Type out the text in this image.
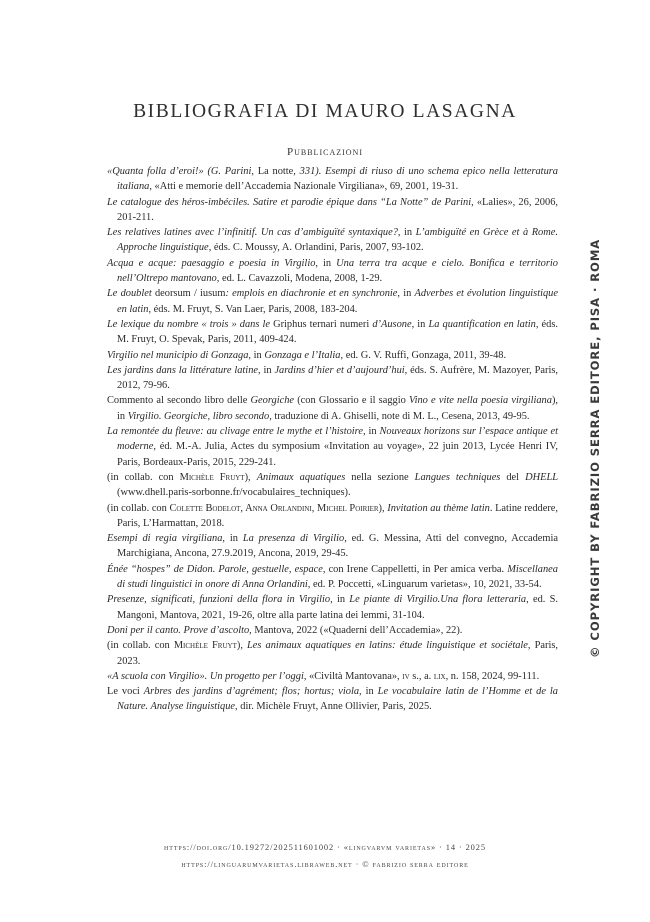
BIBLIOGRAFIA DI MAURO LASAGNA
Pubblicazioni
«Quanta folla d’eroi!» (G. Parini, La notte, 331). Esempi di riuso di uno schema epico nella letteratura italiana, «Atti e memorie dell’Accademia Nazionale Virgiliana», 69, 2001, 19-31.
Le catalogue des héros-imbéciles. Satire et parodie épique dans “La Notte” de Parini, «Lalies», 26, 2006, 201-211.
Les relatives latines avec l’infinitif. Un cas d’ambiguïté syntaxique?, in L’ambiguïté en Grèce et à Rome. Approche linguistique, éds. C. Moussy, A. Orlandini, Paris, 2007, 93-102.
Acqua e acque: paesaggio e poesia in Virgilio, in Una terra tra acque e cielo. Bonifica e territorio nell’Oltrepo mantovano, ed. L. Cavazzoli, Modena, 2008, 1-29.
Le doublet deorsum / iusum: emplois en diachronie et en synchronie, in Adverbes et évolution linguistique en latin, éds. M. Fruyt, S. Van Laer, Paris, 2008, 183-204.
Le lexique du nombre « trois » dans le Griphus ternari numeri d’Ausone, in La quantification en latin, éds. M. Fruyt, O. Spevak, Paris, 2011, 409-424.
Virgilio nel municipio di Gonzaga, in Gonzaga e l’Italia, ed. G. V. Ruffi, Gonzaga, 2011, 39-48.
Les jardins dans la littérature latine, in Jardins d’hier et d’aujourd’hui, éds. S. Aufrère, M. Mazoyer, Paris, 2012, 79-96.
Commento al secondo libro delle Georgiche (con Glossario e il saggio Vino e vite nella poesia virgiliana), in Virgilio. Georgiche, libro secondo, traduzione di A. Ghiselli, note di M. L., Cesena, 2013, 49-95.
La remontée du fleuve: au clivage entre le mythe et l’histoire, in Nouveaux horizons sur l’espace antique et moderne, éd. M.-A. Julia, Actes du symposium «Invitation au voyage», 22 juin 2013, Lycée Henri IV, Paris, Bordeaux-Paris, 2015, 229-241.
(in collab. con Michèle Fruyt), Animaux aquatiques nella sezione Langues techniques del DHELL (www.dhell.paris-sorbonne.fr/vocabulaires_techniques).
(in collab. con Colette Bodelot, Anna Orlandini, Michel Poirier), Invitation au thème latin. Latine reddere, Paris, L’Harmattan, 2018.
Esempi di regia virgiliana, in La presenza di Virgilio, ed. G. Messina, Atti del convegno, Accademia Marchigiana, Ancona, 27.9.2019, Ancona, 2019, 29-45.
Énée “hospes” de Didon. Parole, gestuelle, espace, con Irene Cappelletti, in Per amica verba. Miscellanea di studi linguistici in onore di Anna Orlandini, ed. P. Poccetti, «Linguarum varietas», 10, 2021, 33-54.
Presenze, significati, funzioni della flora in Virgilio, in Le piante di Virgilio.Una flora letteraria, ed. S. Mangoni, Mantova, 2021, 19-26, oltre alla parte latina dei lemmi, 31-104.
Doni per il canto. Prove d’ascolto, Mantova, 2022 («Quaderni dell’Accademia», 22).
(in collab. con Michèle Fruyt), Les animaux aquatiques en latins: étude linguistique et sociétale, Paris, 2023.
«A scuola con Virgilio». Un progetto per l’oggi, «Civiltà Mantovana», iv s., a. lix, n. 158, 2024, 99-111.
Le voci Arbres des jardins d’agrément; flos; hortus; viola, in Le vocabulaire latin de l’Homme et de la Nature. Analyse linguistique, dir. Michèle Fruyt, Anne Ollivier, Paris, 2025.
© COPYRIGHT BY FABRIZIO SERRA EDITORE, PISA · ROMA
https://doi.org/10.19272/202511601002 · «lingvarvm varietas» · 14 · 2025
https://linguarumvarietas.libraweb.net · © fabrizio serra editore
